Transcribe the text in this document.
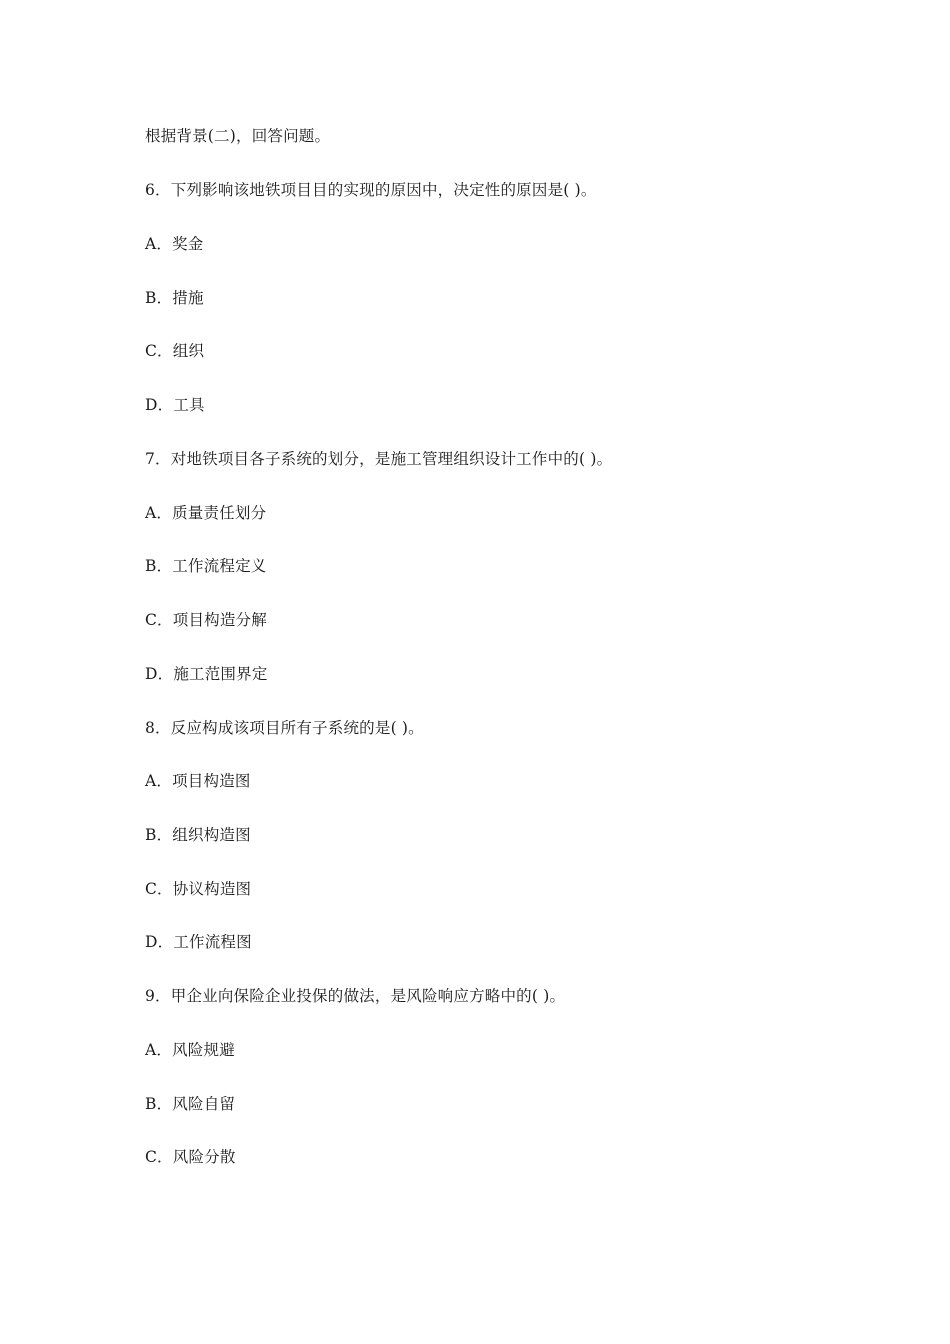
根据背景(二)，回答问题。
6．下列影响该地铁项目目的实现的原因中，决定性的原因是( )。
A．奖金
B．措施
C．组织
D．工具
7．对地铁项目各子系统的划分，是施工管理组织设计工作中的( )。
A．质量责任划分
B．工作流程定义
C．项目构造分解
D．施工范围界定
8．反应构成该项目所有子系统的是( )。
A．项目构造图
B．组织构造图
C．协议构造图
D．工作流程图
9．甲企业向保险企业投保的做法，是风险响应方略中的( )。
A．风险规避
B．风险自留
C．风险分散
